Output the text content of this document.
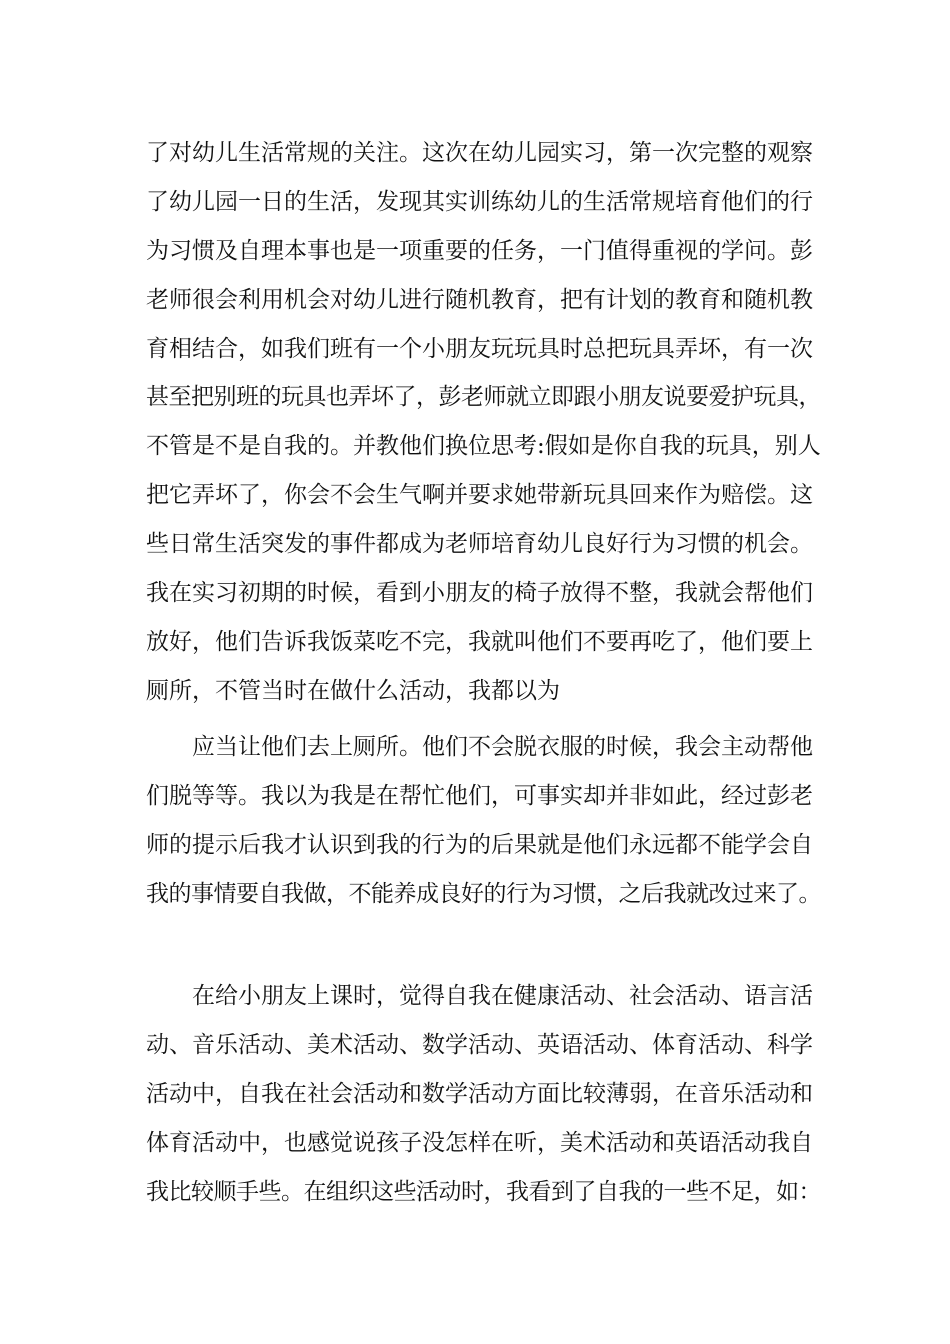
了对幼儿生活常规的关注。这次在幼儿园实习，第一次完整的观察
了幼儿园一日的生活，发现其实训练幼儿的生活常规培育他们的行
为习惯及自理本事也是一项重要的任务，一门值得重视的学问。彭
老师很会利用机会对幼儿进行随机教育，把有计划的教育和随机教
育相结合，如我们班有一个小朋友玩玩具时总把玩具弄坏，有一次
甚至把别班的玩具也弄坏了，彭老师就立即跟小朋友说要爱护玩具，
不管是不是自我的。并教他们换位思考:假如是你自我的玩具，别人
把它弄坏了，你会不会生气啊并要求她带新玩具回来作为赔偿。这
些日常生活突发的事件都成为老师培育幼儿良好行为习惯的机会。
我在实习初期的时候，看到小朋友的椅子放得不整，我就会帮他们
放好，他们告诉我饭菜吃不完，我就叫他们不要再吃了，他们要上
厕所，不管当时在做什么活动，我都以为
应当让他们去上厕所。他们不会脱衣服的时候，我会主动帮他
们脱等等。我以为我是在帮忙他们，可事实却并非如此，经过彭老
师的提示后我才认识到我的行为的后果就是他们永远都不能学会自
我的事情要自我做，不能养成良好的行为习惯，之后我就改过来了。
在给小朋友上课时，觉得自我在健康活动、社会活动、语言活
动、音乐活动、美术活动、数学活动、英语活动、体育活动、科学
活动中，自我在社会活动和数学活动方面比较薄弱，在音乐活动和
体育活动中，也感觉说孩子没怎样在听，美术活动和英语活动我自
我比较顺手些。在组织这些活动时，我看到了自我的一些不足，如：
